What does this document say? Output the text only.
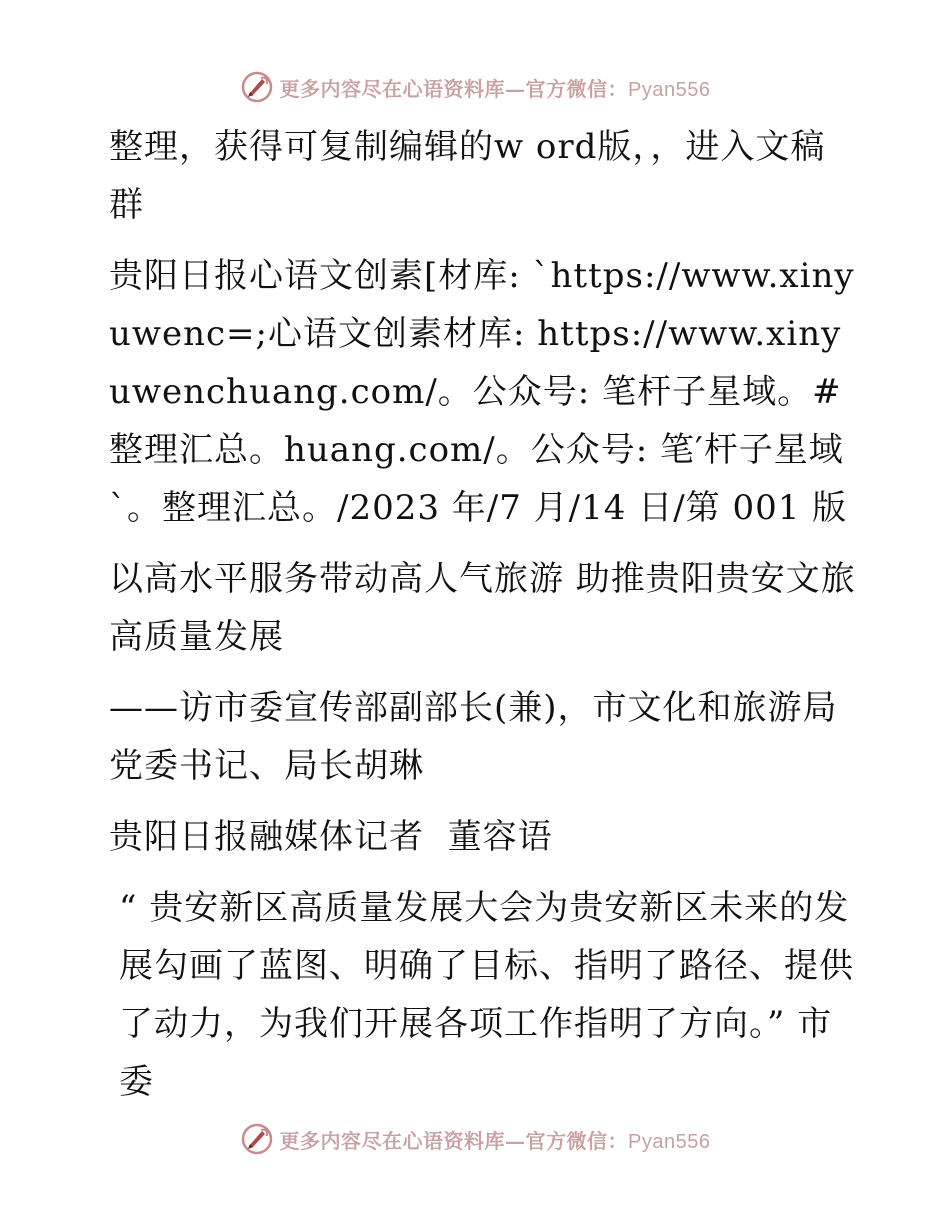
更多内容尽在心语资料库—官方微信：Pyan556

整理，获得可复制编辑的w ord版，，进入文稿群

贵阳日报心语文创素[材库: `https://www.xinyuwenc=;心语文创素材库: https://www.xinyuwenchuang.com/。公众号: 笔杆子星域。#整理汇总。huang.com/。公众号: 笔′杆子星域`。整理汇总。/2023 年/7 月/14 日/第 001 版

以高水平服务带动高人气旅游 助推贵阳贵安文旅高质量发展

——访市委宣传部副部长(兼)，市文化和旅游局党委书记、局长胡琳

贵阳日报融媒体记者  董容语

“ 贵安新区高质量发展大会为贵安新区未来的发展勾画了蓝图、明确了目标、指明了路径、提供了动力，为我们开展各项工作指明了方向。” 市委

更多内容尽在心语资料库—官方微信：Pyan556
